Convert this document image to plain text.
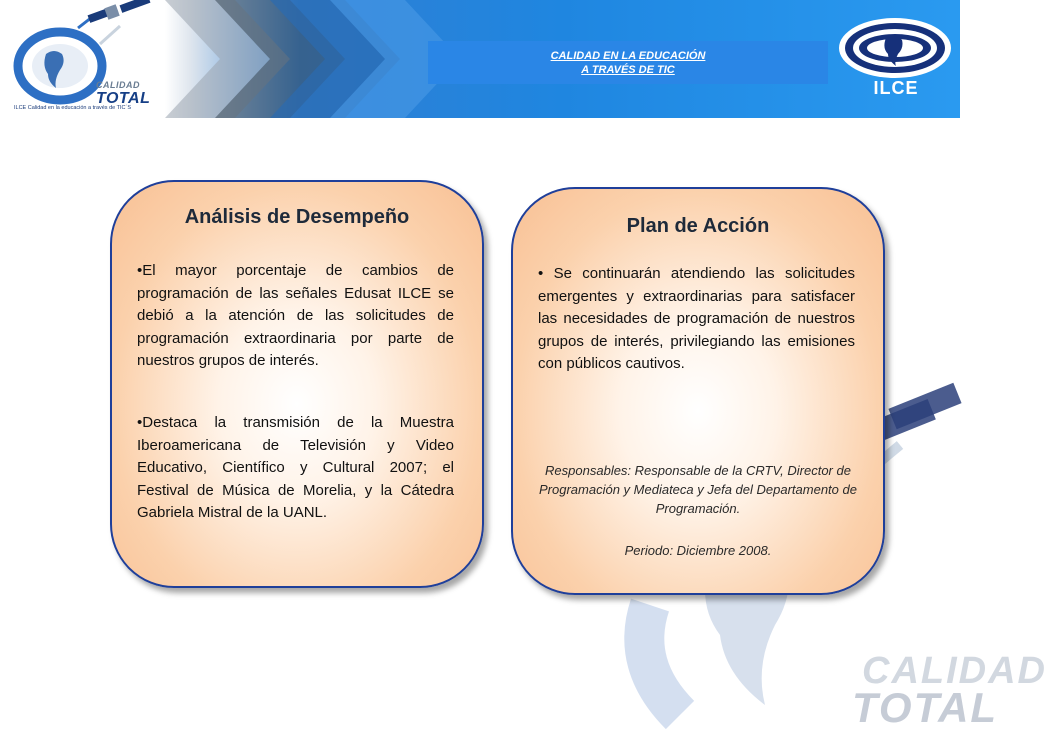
CALIDAD
TOTAL
ILCE Calidad en la educación a través de TIC´S
CALIDAD EN LA EDUCACIÓN
A TRAVÉS DE TIC
ILCE
CALIDAD
TOTAL
Análisis de Desempeño

•El mayor porcentaje de cambios de programación de las señales Edusat ILCE se debió a la atención de las solicitudes de programación extraordinaria por parte de nuestros grupos de interés.

•Destaca la transmisión de la Muestra Iberoamericana de Televisión y Video Educativo, Científico y Cultural 2007; el Festival de Música de Morelia, y la Cátedra Gabriela Mistral de la UANL.

Plan de Acción

• Se continuarán atendiendo las solicitudes emergentes y extraordinarias para satisfacer las necesidades de programación de nuestros grupos de interés, privilegiando las emisiones con públicos cautivos.

Responsables: Responsable de la CRTV, Director de Programación y Mediateca y Jefa del Departamento de Programación.
Periodo: Diciembre 2008.
